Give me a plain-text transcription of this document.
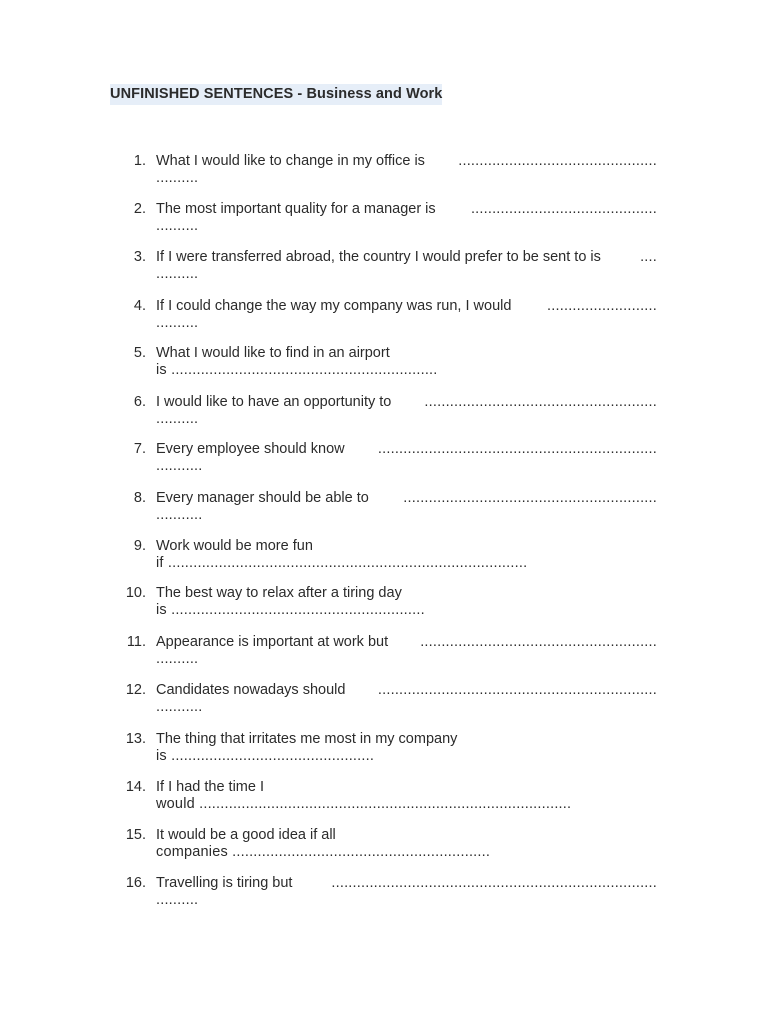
UNFINISHED SENTENCES - Business and Work
1. What I would like to change in my office is ...............................................
..........
2. The most important quality for a manager is ............................................
..........
3. If I were transferred abroad, the country I would prefer to be sent to is	....
..........
4. If I could change the way my company was run, I would ..........................
..........
5. What I would like to find in an airport
is ...............................................................
6. I would like to have an opportunity to .......................................................
..........
7. Every employee should know ..................................................................
...........
8. Every manager should be able to ............................................................
...........
9. Work would be more fun
if .....................................................................................
10. The best way to relax after a tiring day
is ............................................................
11. Appearance is important at work but ........................................................
..........
12. Candidates nowadays should ..................................................................
...........
13. The thing that irritates me most in my company
is ................................................
14. If I had the time I
would ........................................................................................
15. It would be a good idea if all
companies .............................................................
16. Travelling is tiring but	.............................................................................
..........
